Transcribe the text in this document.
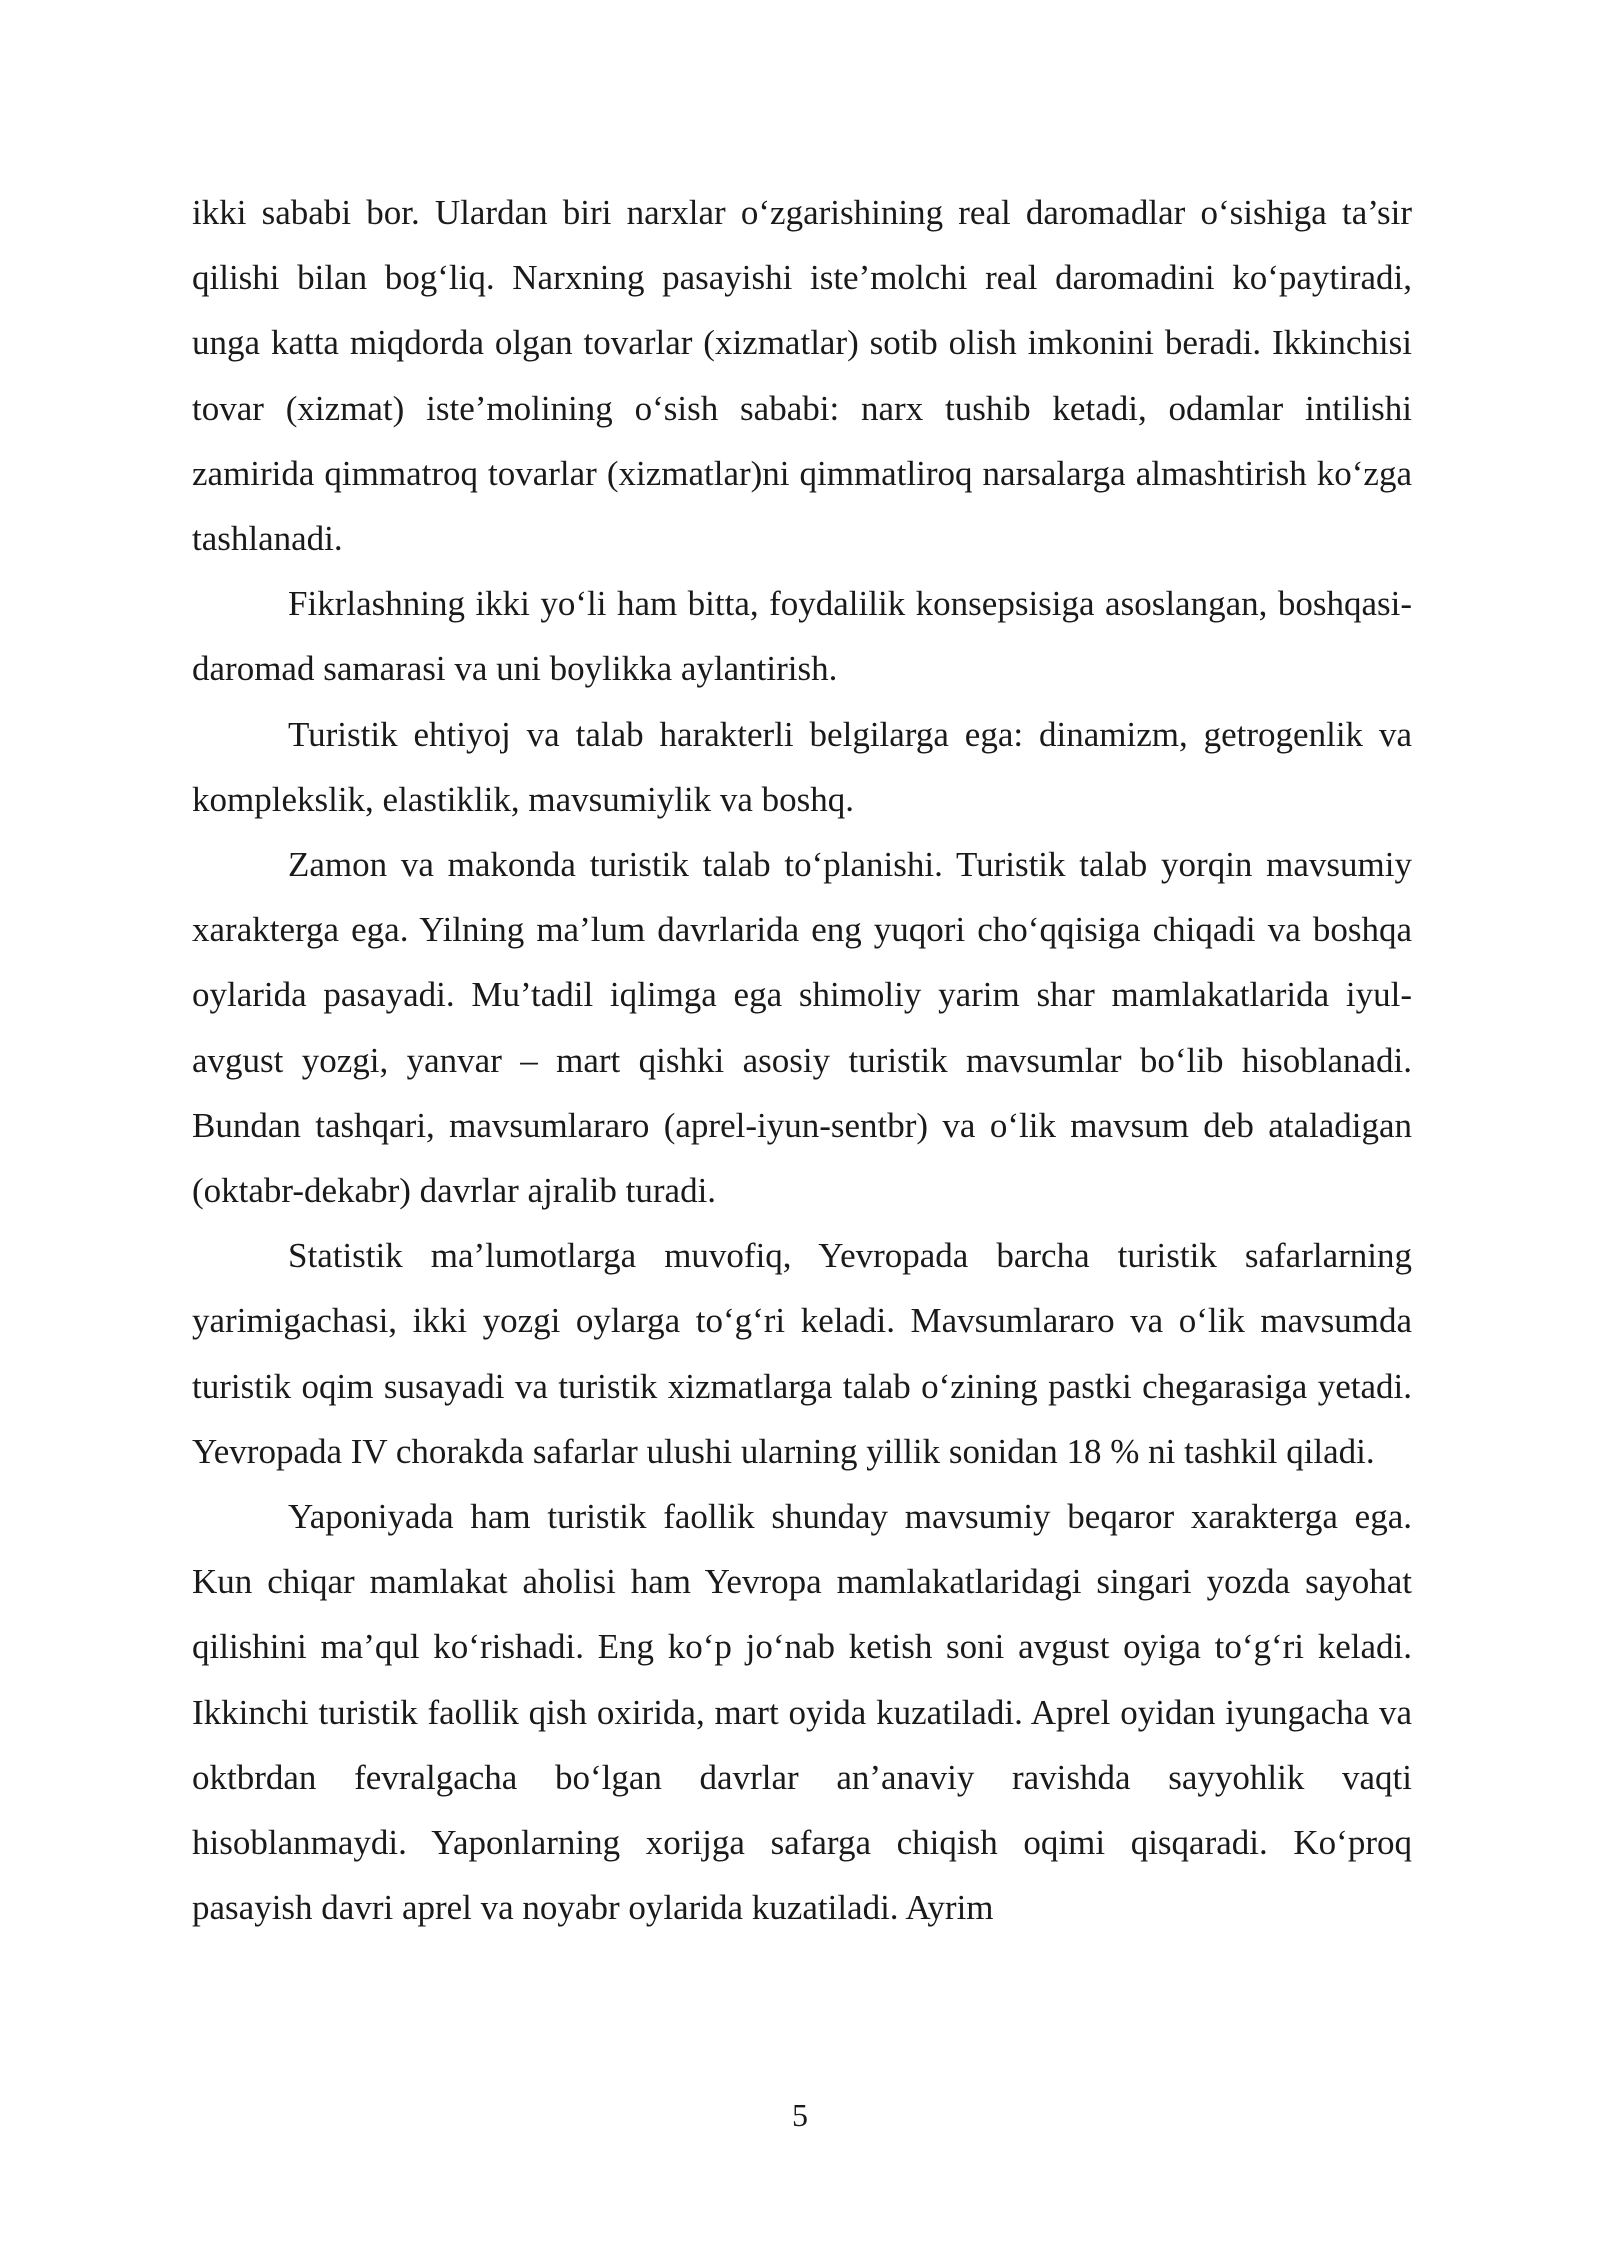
ikki sababi bor. Ulardan biri narxlar o‘zgarishining real daromadlar o‘sishiga ta’sir qilishi bilan bog‘liq. Narxning pasayishi iste’molchi real daromadini ko‘paytiradi, unga katta miqdorda olgan tovarlar (xizmatlar) sotib olish imkonini beradi. Ikkinchisi tovar (xizmat) iste’molining o‘sish sababi: narx tushib ketadi, odamlar intilishi zamirida qimmatroq tovarlar (xizmatlar)ni qimmatliroq narsalarga almashtirish ko‘zga tashlanadi.

Fikrlashning ikki yo‘li ham bitta, foydalilik konsepsisiga asoslangan, boshqasi-daromad samarasi va uni boylikka aylantirish.

Turistik ehtiyoj va talab harakterli belgilarga ega: dinamizm, getrogenlik va komplekslik, elastiklik, mavsumiylik va boshq.

Zamon va makonda turistik talab to‘planishi. Turistik talab yorqin mavsumiy xarakterga ega. Yilning ma’lum davrlarida eng yuqori cho‘qqisiga chiqadi va boshqa oylarida pasayadi. Mu’tadil iqlimga ega shimoliy yarim shar mamlakatlarida iyul-avgust yozgi, yanvar – mart qishki asosiy turistik mavsumlar bo‘lib hisoblanadi. Bundan tashqari, mavsumlararo (aprel-iyun-sentbr) va o‘lik mavsum deb ataladigan (oktabr-dekabr) davrlar ajralib turadi.

Statistik ma’lumotlarga muvofiq, Yevropada barcha turistik safarlarning yarimigachasi, ikki yozgi oylarga to‘g‘ri keladi. Mavsumlararo va o‘lik mavsumda turistik oqim susayadi va turistik xizmatlarga talab o‘zining pastki chegarasiga yetadi. Yevropada IV chorakda safarlar ulushi ularning yillik sonidan 18 % ni tashkil qiladi.

Yaponiyada ham turistik faollik shunday mavsumiy beqaror xarakterga ega. Kun chiqar mamlakat aholisi ham Yevropa mamlakatlaridagi singari yozda sayohat qilishini ma’qul ko‘rishadi. Eng ko‘p jo‘nab ketish soni avgust oyiga to‘g‘ri keladi. Ikkinchi turistik faollik qish oxirida, mart oyida kuzatiladi. Aprel oyidan iyungacha va oktbrdan fevralgacha bo‘lgan davrlar an’anaviy ravishda sayyohlik vaqti hisoblanmaydi. Yaponlarning xorijga safarga chiqish oqimi qisqaradi. Ko‘proq pasayish davri aprel va noyabr oylarida kuzatiladi. Ayrim

5
